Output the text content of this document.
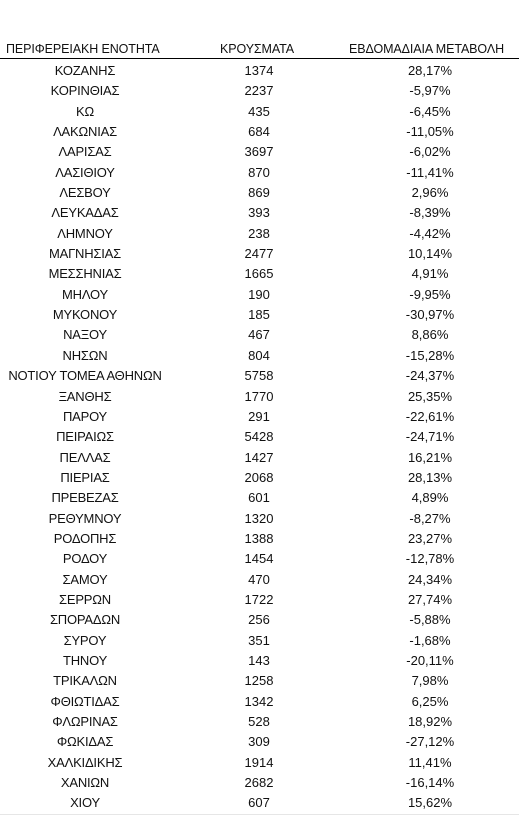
ΠΕΡΙΦΕΡΕΙΑΚΗ ΕΝΟΤΗΤΑ	ΚΡΟΥΣΜΑΤΑ	ΕΒΔΟΜΑΔΙΑΙΑ ΜΕΤΑΒΟΛΗ
ΚΟΖΑΝΗΣ	1374	28,17%
ΚΟΡΙΝΘΙΑΣ	2237	-5,97%
ΚΩ	435	-6,45%
ΛΑΚΩΝΙΑΣ	684	-11,05%
ΛΑΡΙΣΑΣ	3697	-6,02%
ΛΑΣΙΘΙΟΥ	870	-11,41%
ΛΕΣΒΟΥ	869	2,96%
ΛΕΥΚΑΔΑΣ	393	-8,39%
ΛΗΜΝΟΥ	238	-4,42%
ΜΑΓΝΗΣΙΑΣ	2477	10,14%
ΜΕΣΣΗΝΙΑΣ	1665	4,91%
ΜΗΛΟΥ	190	-9,95%
ΜΥΚΟΝΟΥ	185	-30,97%
ΝΑΞΟΥ	467	8,86%
ΝΗΣΩΝ	804	-15,28%
ΝΟΤΙΟΥ ΤΟΜΕΑ ΑΘΗΝΩΝ	5758	-24,37%
ΞΑΝΘΗΣ	1770	25,35%
ΠΑΡΟΥ	291	-22,61%
ΠΕΙΡΑΙΩΣ	5428	-24,71%
ΠΕΛΛΑΣ	1427	16,21%
ΠΙΕΡΙΑΣ	2068	28,13%
ΠΡΕΒΕΖΑΣ	601	4,89%
ΡΕΘΥΜΝΟΥ	1320	-8,27%
ΡΟΔΟΠΗΣ	1388	23,27%
ΡΟΔΟΥ	1454	-12,78%
ΣΑΜΟΥ	470	24,34%
ΣΕΡΡΩΝ	1722	27,74%
ΣΠΟΡΑΔΩΝ	256	-5,88%
ΣΥΡΟΥ	351	-1,68%
ΤΗΝΟΥ	143	-20,11%
ΤΡΙΚΑΛΩΝ	1258	7,98%
ΦΘΙΩΤΙΔΑΣ	1342	6,25%
ΦΛΩΡΙΝΑΣ	528	18,92%
ΦΩΚΙΔΑΣ	309	-27,12%
ΧΑΛΚΙΔΙΚΗΣ	1914	11,41%
ΧΑΝΙΩΝ	2682	-16,14%
ΧΙΟΥ	607	15,62%
